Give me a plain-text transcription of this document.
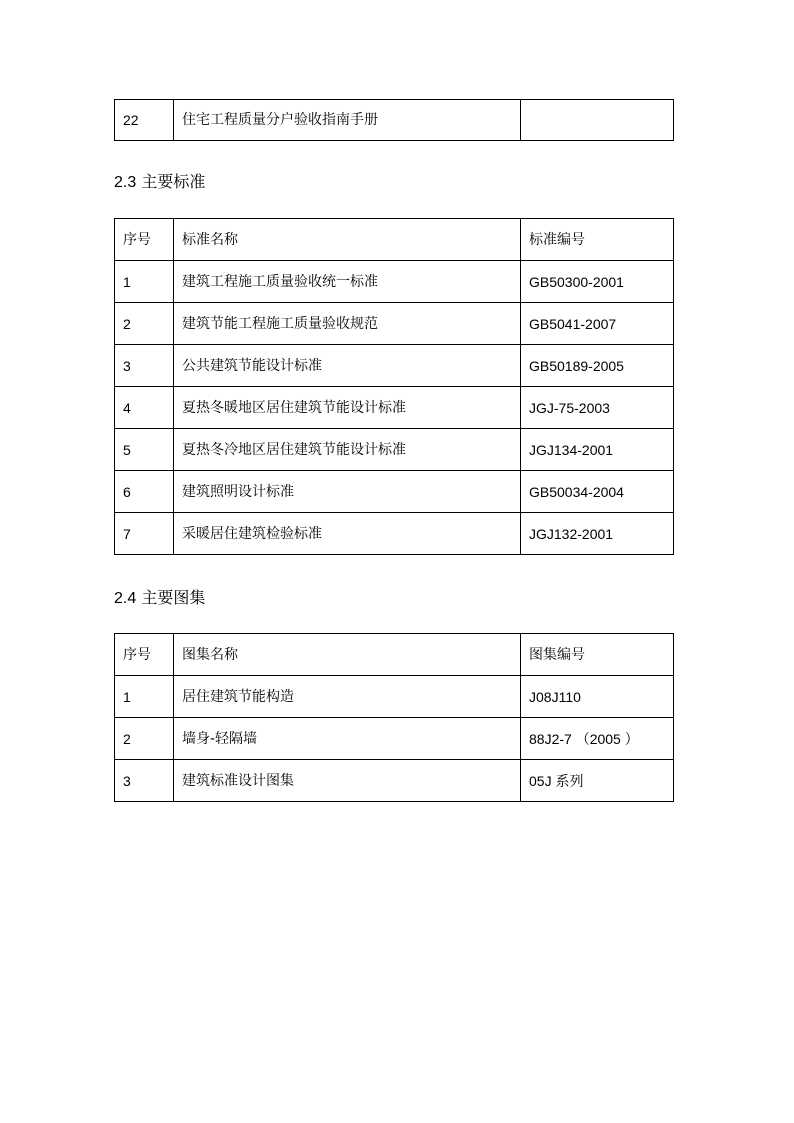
22	住宅工程质量分户验收指南手册	
2.3 主要标准
序号	标准名称	标准编号
1	建筑工程施工质量验收统一标准	GB50300-2001
2	建筑节能工程施工质量验收规范	GB5041-2007
3	公共建筑节能设计标准	GB50189-2005
4	夏热冬暖地区居住建筑节能设计标准	JGJ-75-2003
5	夏热冬冷地区居住建筑节能设计标准	JGJ134-2001
6	建筑照明设计标准	GB50034-2004
7	采暖居住建筑检验标准	JGJ132-2001
2.4 主要图集
序号	图集名称	图集编号
1	居住建筑节能构造	J08J110
2	墙身-轻隔墙	88J2-7 （2005 ）
3	建筑标准设计图集	05J 系列
